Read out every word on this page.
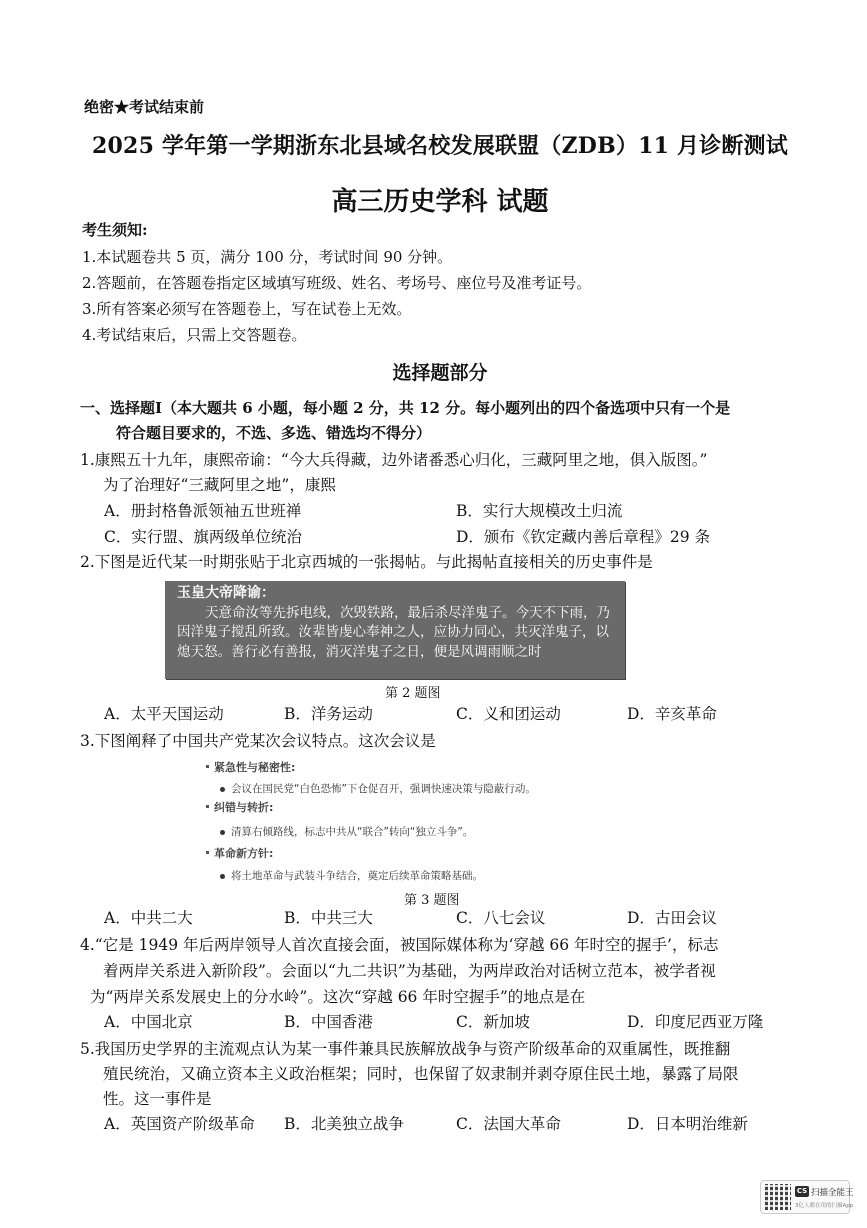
绝密★考试结束前
2025 学年第一学期浙东北县域名校发展联盟（ZDB）11 月诊断测试
高三历史学科 试题
考生须知:
1.本试题卷共 5 页，满分 100 分，考试时间 90 分钟。
2.答题前，在答题卷指定区域填写班级、姓名、考场号、座位号及准考证号。
3.所有答案必须写在答题卷上，写在试卷上无效。
4.考试结束后，只需上交答题卷。
选择题部分
一、选择题Ⅰ（本大题共 6 小题，每小题 2 分，共 12 分。每小题列出的四个备选项中只有一个是
符合题目要求的，不选、多选、错选均不得分）
1.康熙五十九年，康熙帝谕：“今大兵得藏，边外诸番悉心归化，三藏阿里之地，俱入版图。”
为了治理好“三藏阿里之地”，康熙
A．册封格鲁派领袖五世班禅	B．实行大规模改土归流
C．实行盟、旗两级单位统治	D．颁布《钦定藏内善后章程》29 条
2.下图是近代某一时期张贴于北京西城的一张揭帖。与此揭帖直接相关的历史事件是
玉皇大帝降谕：

天意命汝等先拆电线，次毁铁路，最后杀尽洋鬼子。今天不下雨，乃因洋鬼子搅乱所致。汝辈皆虔心奉神之人，应协力同心，共灭洋鬼子，以熄天怒。善行必有善报，消灭洋鬼子之日，便是风调雨顺之时

第 2 题图
A．太平天国运动	B．洋务运动	C．义和团运动	D．辛亥革命
3.下图阐释了中国共产党某次会议特点。这次会议是
紧急性与秘密性:
会议在国民党“白色恐怖”下仓促召开，强调快速决策与隐蔽行动。
纠错与转折:
清算右倾路线，标志中共从“联合”转向“独立斗争”。
革命新方针:
将土地革命与武装斗争结合，奠定后续革命策略基础。
第 3 题图
A．中共二大	B．中共三大	C．八七会议	D．古田会议
4.“它是 1949 年后两岸领导人首次直接会面，被国际媒体称为‘穿越 66 年时空的握手’，标志
着两岸关系进入新阶段”。会面以“九二共识”为基础，为两岸政治对话树立范本，被学者视
为“两岸关系发展史上的分水岭”。这次“穿越 66 年时空握手”的地点是在
A．中国北京	B．中国香港	C．新加坡	D．印度尼西亚万隆
5.我国历史学界的主流观点认为某一事件兼具民族解放战争与资产阶级革命的双重属性，既推翻
殖民统治，又确立资本主义政治框架；同时，也保留了奴隶制并剥夺原住民土地，暴露了局限
性。这一事件是
A．英国资产阶级革命 B．北美独立战争	C．法国大革命	D．日本明治维新
CS 扫描全能王
3亿人都在用的扫描App
